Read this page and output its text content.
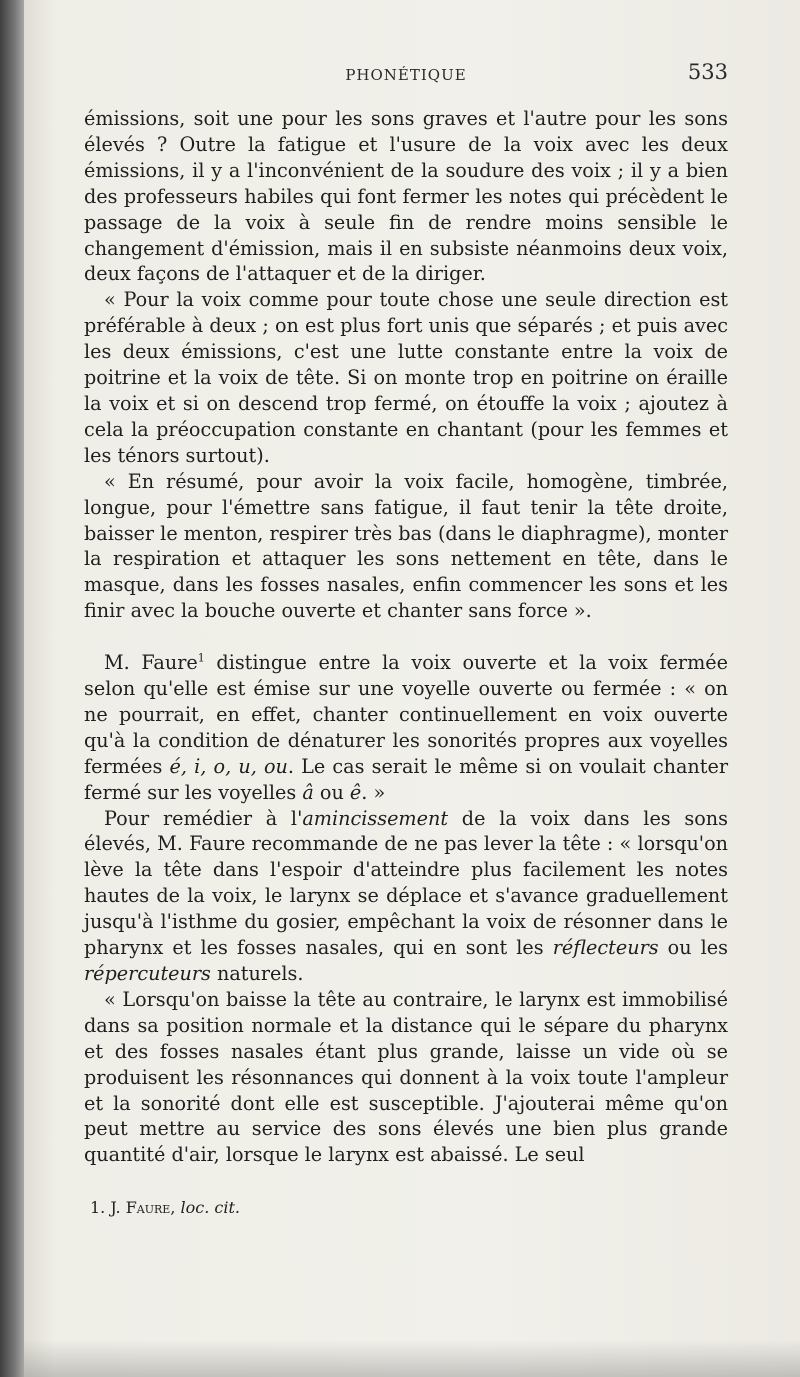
PHONÉTIQUE	533

émissions, soit une pour les sons graves et l'autre pour les sons élevés ? Outre la fatigue et l'usure de la voix avec les deux émissions, il y a l'inconvénient de la soudure des voix ; il y a bien des professeurs habiles qui font fermer les notes qui précèdent le passage de la voix à seule fin de rendre moins sensible le changement d'émission, mais il en subsiste néanmoins deux voix, deux façons de l'attaquer et de la diriger.

« Pour la voix comme pour toute chose une seule direction est préférable à deux ; on est plus fort unis que séparés ; et puis avec les deux émissions, c'est une lutte constante entre la voix de poitrine et la voix de tête. Si on monte trop en poitrine on éraille la voix et si on descend trop fermé, on étouffe la voix ; ajoutez à cela la préoccupation constante en chantant (pour les femmes et les ténors surtout).

« En résumé, pour avoir la voix facile, homogène, timbrée, longue, pour l'émettre sans fatigue, il faut tenir la tête droite, baisser le menton, respirer très bas (dans le diaphragme), monter la respiration et attaquer les sons nettement en tête, dans le masque, dans les fosses nasales, enfin commencer les sons et les finir avec la bouche ouverte et chanter sans force ».

M. Faure$^1$ distingue entre la voix ouverte et la voix fermée selon qu'elle est émise sur une voyelle ouverte ou fermée : « on ne pourrait, en effet, chanter continuellement en voix ouverte qu'à la condition de dénaturer les sonorités propres aux voyelles fermées é, i, o, u, ou. Le cas serait le même si on voulait chanter fermé sur les voyelles â ou ê. »

Pour remédier à l'amincissement de la voix dans les sons élevés, M. Faure recommande de ne pas lever la tête : « lorsqu'on lève la tête dans l'espoir d'atteindre plus facilement les notes hautes de la voix, le larynx se déplace et s'avance graduellement jusqu'à l'isthme du gosier, empêchant la voix de résonner dans le pharynx et les fosses nasales, qui en sont les réflecteurs ou les répercuteurs naturels.

« Lorsqu'on baisse la tête au contraire, le larynx est immobilisé dans sa position normale et la distance qui le sépare du pharynx et des fosses nasales étant plus grande, laisse un vide où se produisent les résonnances qui donnent à la voix toute l'ampleur et la sonorité dont elle est susceptible. J'ajouterai même qu'on peut mettre au service des sons élevés une bien plus grande quantité d'air, lorsque le larynx est abaissé. Le seul

1. J. Faure, loc. cit.
